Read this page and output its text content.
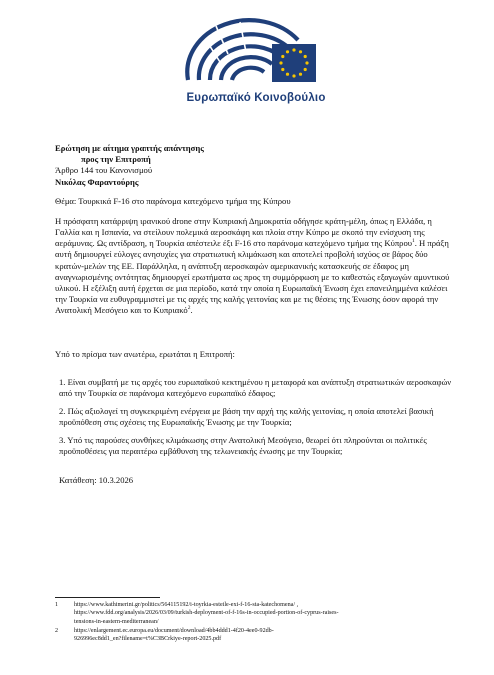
Ευρωπαϊκό Κοινοβούλιο
Ερώτηση με αίτημα γραπτής απάντησης
προς την Επιτροπή
Άρθρο 144 του Κανονισμού
Νικόλας Φαραντούρης
Θέμα: Τουρκικά F-16 στο παράνομα κατεχόμενο τμήμα της Κύπρου
Η πρόσφατη κατάρριψη ιρανικού drone στην Κυπριακή Δημοκρατία οδήγησε κράτη-μέλη, όπως η Ελλάδα, η Γαλλία και η Ισπανία, να στείλουν πολεμικά αεροσκάφη και πλοία στην Κύπρο με σκοπό την ενίσχυση της αεράμυνας. Ως αντίδραση, η Τουρκία απέστειλε έξι F-16 στο παράνομα κατεχόμενο τμήμα της Κύπρου$^1$. Η πράξη αυτή δημιουργεί εύλογες ανησυχίες για στρατιωτική κλιμάκωση και αποτελεί προβολή ισχύος σε βάρος δύο κρατών-μελών της ΕΕ. Παράλληλα, η ανάπτυξη αεροσκαφών αμερικανικής κατασκευής σε έδαφος μη αναγνωρισμένης οντότητας δημιουργεί ερωτήματα ως προς τη συμμόρφωση με το καθεστώς εξαγωγών αμυντικού υλικού. Η εξέλιξη αυτή έρχεται σε μια περίοδο, κατά την οποία η Ευρωπαϊκή Ένωση έχει επανειλημμένα καλέσει την Τουρκία να ευθυγραμμιστεί με τις αρχές της καλής γειτονίας και με τις θέσεις της Ένωσης όσον αφορά την Ανατολική Μεσόγειο και το Κυπριακό$^2$.
Υπό το πρίσμα των ανωτέρω, ερωτάται η Επιτροπή:
1. Είναι συμβατή με τις αρχές του ευρωπαϊκού κεκτημένου η μεταφορά και ανάπτυξη στρατιωτικών αεροσκαφών από την Τουρκία σε παράνομα κατεχόμενο ευρωπαϊκό έδαφος;
2. Πώς αξιολογεί τη συγκεκριμένη ενέργεια με βάση την αρχή της καλής γειτονίας, η οποία αποτελεί βασική προϋπόθεση στις σχέσεις της Ευρωπαϊκής Ένωσης με την Τουρκία;
3. Υπό τις παρούσες συνθήκες κλιμάκωσης στην Ανατολική Μεσόγειο, θεωρεί ότι πληρούνται οι πολιτικές προϋποθέσεις για περαιτέρω εμβάθυνση της τελωνειακής ένωσης με την Τουρκία;
Κατάθεση: 10.3.2026
1	https://www.kathimerini.gr/politics/564115192/i-toyrkia-esteile-exi-f-16-sta-katechomena/ ,
https://www.fdd.org/analysis/2026/03/09/turkish-deployment-of-f-16s-in-occupied-portion-of-cyprus-raises-
tensions-in-eastern-mediterranean/
2	https://enlargement.ec.europa.eu/document/download/4bb4ddd1-4f20-4ee0-92db-
926996ec8dd1_en?filename=t%C3BCrkiye-report-2025.pdf
